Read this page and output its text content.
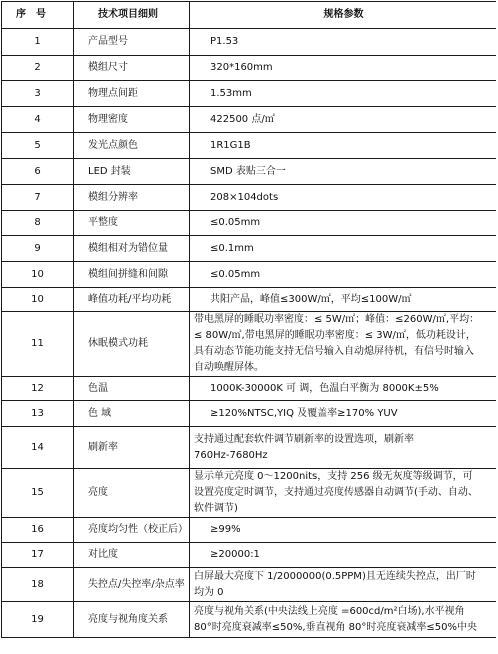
序号	技术项目细则	规格参数
1	产品型号	P1.53

2	模组尺寸	320*160mm

3	物理点间距	1.53mm

4	物理密度	422500 点/㎡

5	发光点颜色	1R1G1B

6	LED 封装	SMD 表贴三合一

7	模组分辨率	208×104dots

8	平整度	≤0.05mm

9	模组相对为错位量	≤0.1mm

10	模组间拼缝和间隙	≤0.05mm

10	峰值功耗/平均功耗	共阳产品，峰值≤300W/㎡，平均≤100W/㎡

11	休眠模式功耗	带电黑屏的睡眠功率密度：≤ 5W/㎡；峰值：≤260W/㎡,平均：
≤ 80W/㎡,带电黑屏的睡眠功率密度：≤ 3W/㎡，低功耗设计，
具有动态节能功能支持无信号输入自动熄屏待机，有信号时输入
自动唤醒屏体。

12	色温	1000K-30000K 可 调，色温白平衡为 8000K±5%

13	色 域	≥120%NTSC,YIQ 及覆盖率≥170% YUV

14	刷新率	支持通过配套软件调节刷新率的设置选项，刷新率
760Hz-7680Hz

15	亮度	显示单元亮度 0～1200nits，支持 256 级无灰度等级调节，可
设置亮度定时调节，支持通过亮度传感器自动调节(手动、自动、
软件调节)

16	亮度均匀性（校正后）	≥99%

17	对比度	≥20000:1

18	失控点/失控率/杂点率	白屏最大亮度下 1/2000000(0.5PPM)且无连续失控点，出厂时
均为 0

19	亮度与视角度关系	亮度与视角关系(中央法线上亮度 =600cd/m²白场),水平视角
80°时亮度衰减率≤50%,垂直视角 80°时亮度衰减率≤50%中央
